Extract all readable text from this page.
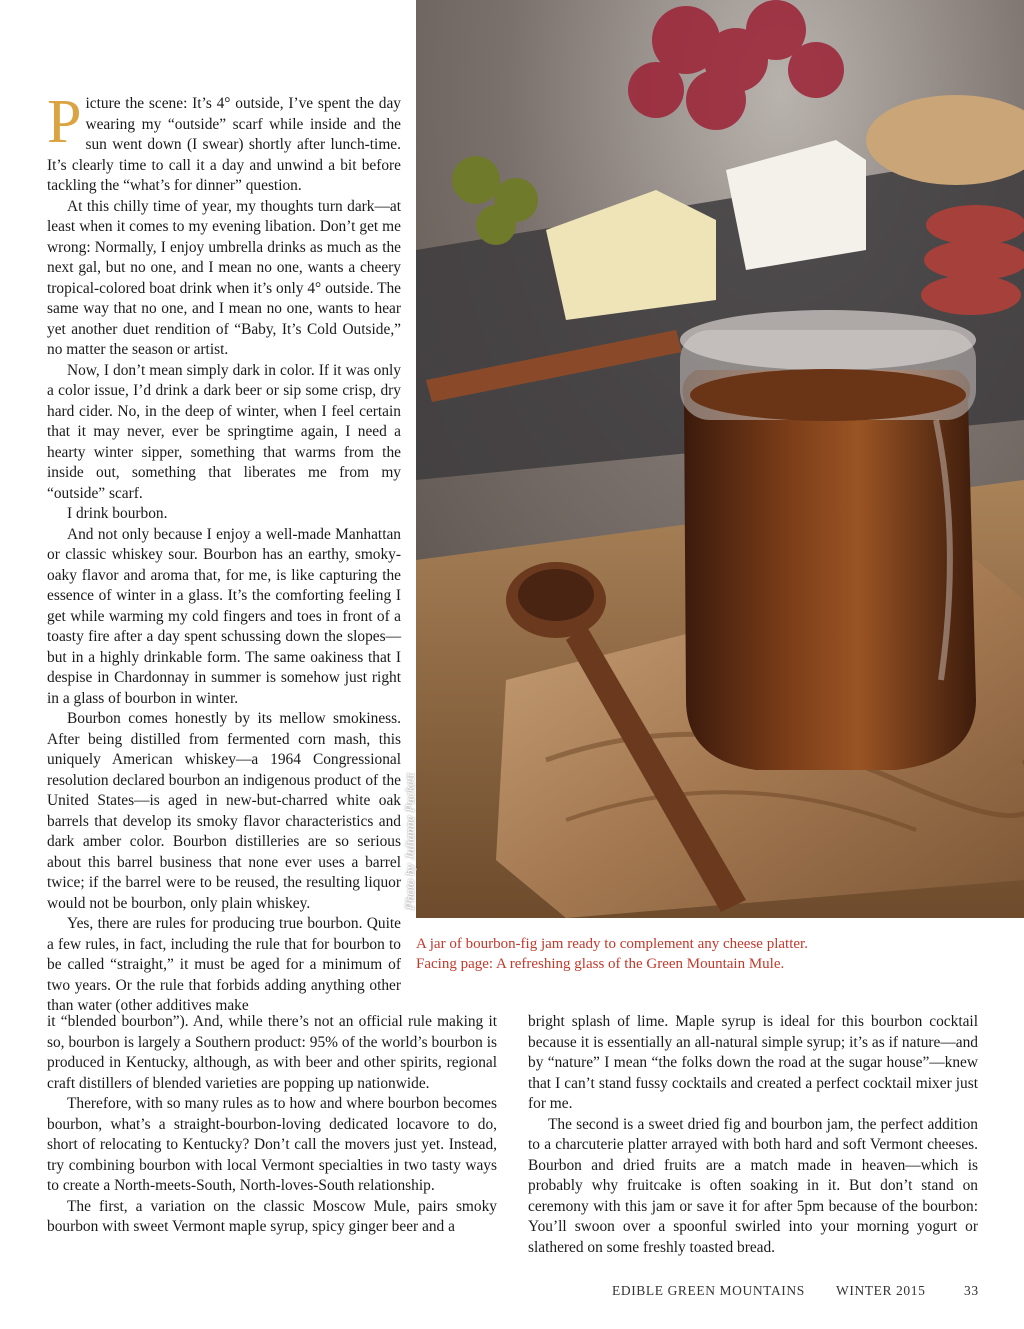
Picture the scene: It’s 4° outside, I’ve spent the day wearing my “outside” scarf while inside and the sun went down (I swear) shortly after lunch-time. It’s clearly time to call it a day and unwind a bit before tackling the “what’s for dinner” question.

At this chilly time of year, my thoughts turn dark—at least when it comes to my evening libation. Don’t get me wrong: Normally, I enjoy umbrella drinks as much as the next gal, but no one, and I mean no one, wants a cheery tropical-colored boat drink when it’s only 4° outside. The same way that no one, and I mean no one, wants to hear yet another duet rendition of “Baby, It’s Cold Outside,” no matter the season or artist.

Now, I don’t mean simply dark in color. If it was only a color issue, I’d drink a dark beer or sip some crisp, dry hard cider. No, in the deep of winter, when I feel certain that it may never, ever be springtime again, I need a hearty winter sipper, something that warms from the inside out, something that liberates me from my “outside” scarf.

I drink bourbon.

And not only because I enjoy a well-made Manhattan or classic whiskey sour. Bourbon has an earthy, smoky-oaky flavor and aroma that, for me, is like capturing the essence of winter in a glass. It’s the comforting feeling I get while warming my cold fingers and toes in front of a toasty fire after a day spent schussing down the slopes—but in a highly drinkable form. The same oakiness that I despise in Chardonnay in summer is somehow just right in a glass of bourbon in winter.

Bourbon comes honestly by its mellow smokiness. After being distilled from fermented corn mash, this uniquely American whiskey—a 1964 Congressional resolution declared bourbon an indigenous product of the United States—is aged in new-but-charred white oak barrels that develop its smoky flavor characteristics and dark amber color. Bourbon distilleries are so serious about this barrel business that none ever uses a barrel twice; if the barrel were to be reused, the resulting liquor would not be bourbon, only plain whiskey.

Yes, there are rules for producing true bourbon. Quite a few rules, in fact, including the rule that for bourbon to be called “straight,” it must be aged for a minimum of two years. Or the rule that forbids adding anything other than water (other additives make

Photo by Julianne Puckett
A jar of bourbon-fig jam ready to complement any cheese platter.
Facing page: A refreshing glass of the Green Mountain Mule.

it “blended bourbon”). And, while there’s not an official rule making it so, bourbon is largely a Southern product: 95% of the world’s bourbon is produced in Kentucky, although, as with beer and other spirits, regional craft distillers of blended varieties are popping up nationwide.

Therefore, with so many rules as to how and where bourbon becomes bourbon, what’s a straight-bourbon-loving dedicated locavore to do, short of relocating to Kentucky? Don’t call the movers just yet. Instead, try combining bourbon with local Vermont specialties in two tasty ways to create a North-meets-South, North-loves-South relationship.

The first, a variation on the classic Moscow Mule, pairs smoky bourbon with sweet Vermont maple syrup, spicy ginger beer and a

bright splash of lime. Maple syrup is ideal for this bourbon cocktail because it is essentially an all-natural simple syrup; it’s as if nature—and by “nature” I mean “the folks down the road at the sugar house”—knew that I can’t stand fussy cocktails and created a perfect cocktail mixer just for me.

The second is a sweet dried fig and bourbon jam, the perfect addition to a charcuterie platter arrayed with both hard and soft Vermont cheeses. Bourbon and dried fruits are a match made in heaven—which is probably why fruitcake is often soaking in it. But don’t stand on ceremony with this jam or save it for after 5pm because of the bourbon: You’ll swoon over a spoonful swirled into your morning yogurt or slathered on some freshly toasted bread.

EDIBLE GREEN MOUNTAINS WINTER 2015	33
